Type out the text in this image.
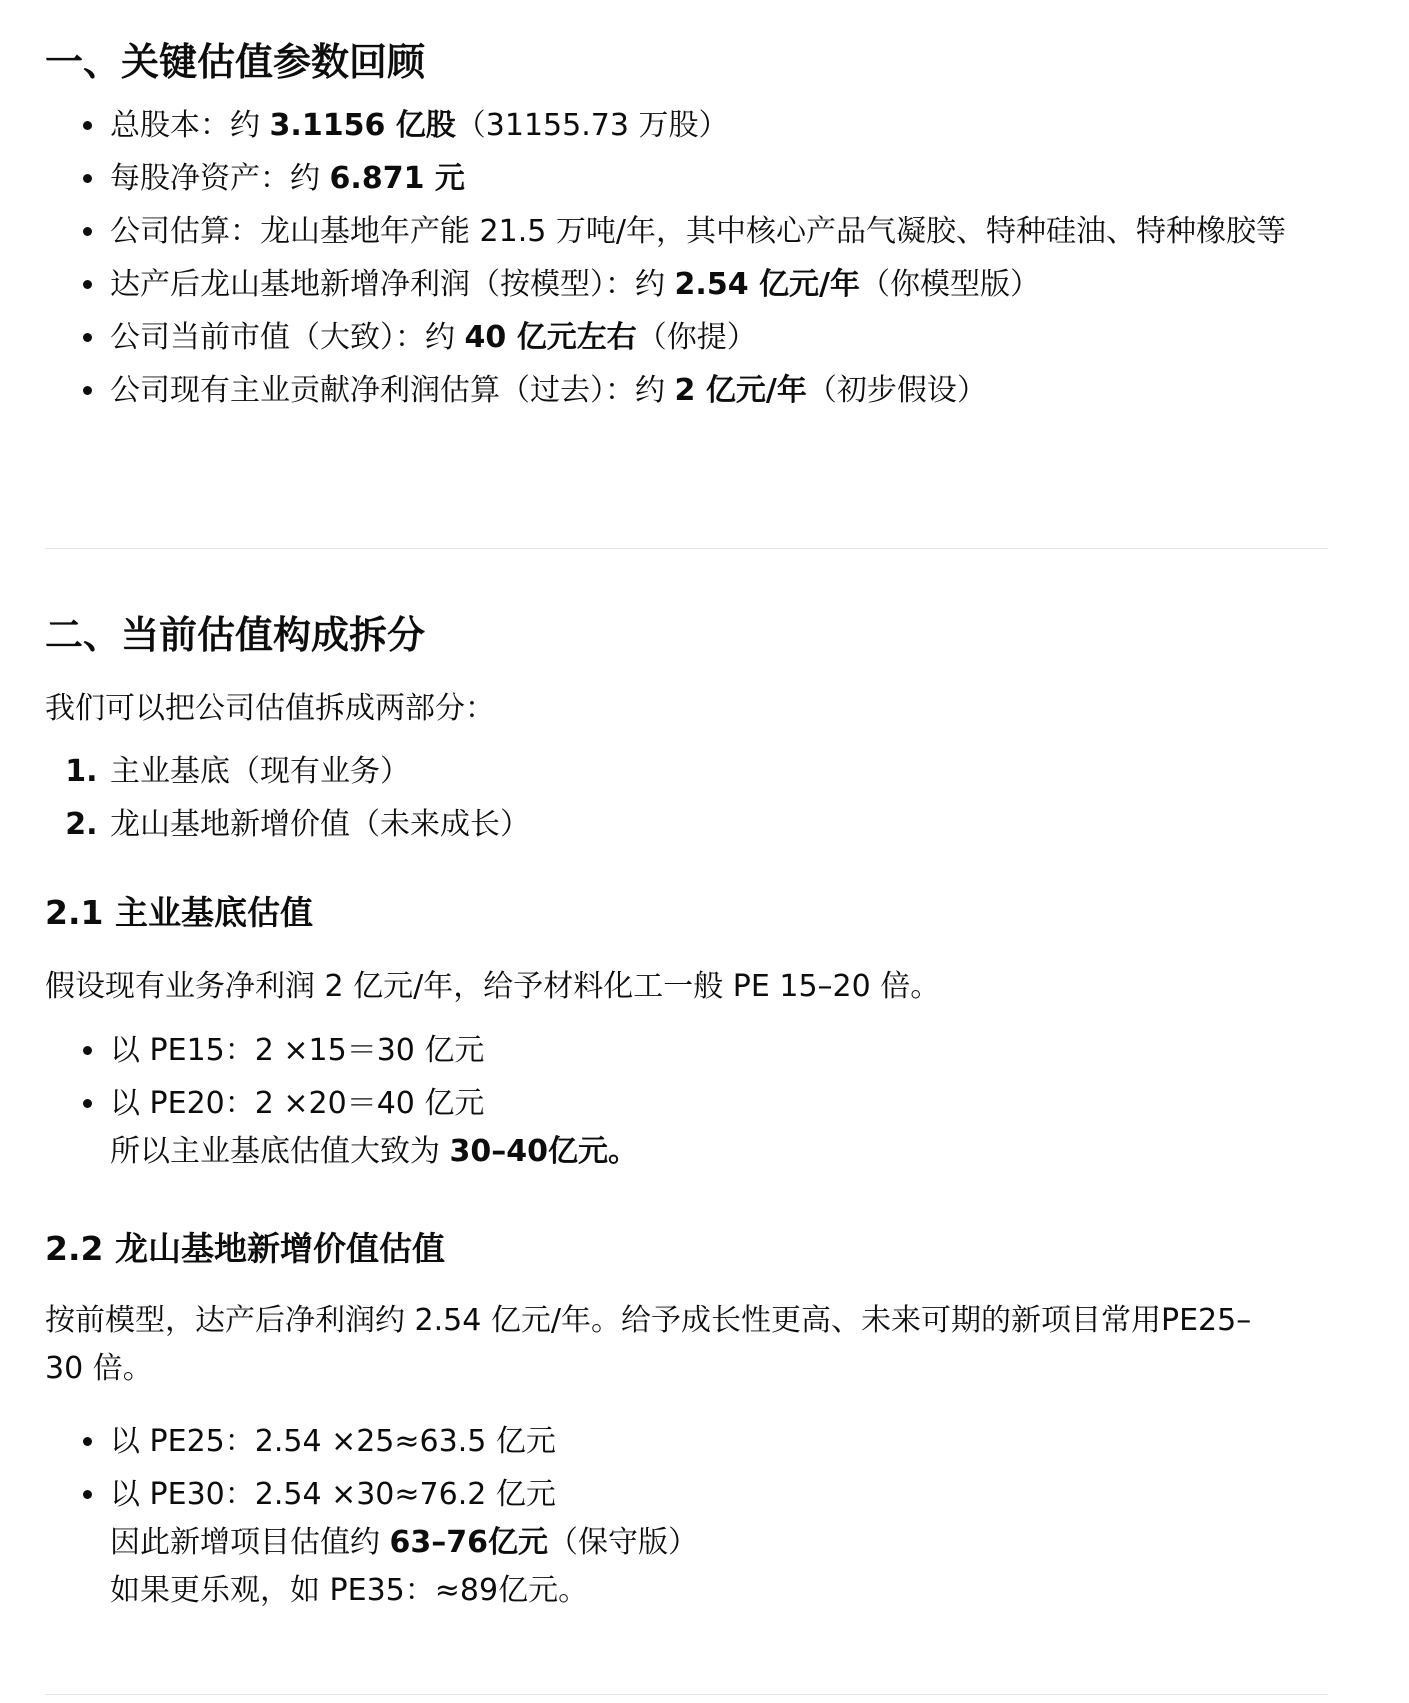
一、关键估值参数回顾
• 总股本：约 3.1156 亿股（31155.73 万股）
• 每股净资产：约 6.871 元
• 公司估算：龙山基地年产能 21.5 万吨/年，其中核心产品气凝胶、特种硅油、特种橡胶等
• 达产后龙山基地新增净利润（按模型）：约 2.54 亿元/年（你模型版）
• 公司当前市值（大致）：约 40 亿元左右（你提）
• 公司现有主业贡献净利润估算（过去）：约 2 亿元/年（初步假设）
二、当前估值构成拆分

我们可以把公司估值拆成两部分：

1. 主业基底（现有业务）
2. 龙山基地新增价值（未来成长）
2.1 主业基底估值

假设现有业务净利润 2 亿元/年，给予材料化工一般 PE 15–20 倍。

• 以 PE15：2 ×15＝30 亿元
• 以 PE20：2 ×20＝40 亿元
所以主业基底估值大致为 30–40亿元。
2.2 龙山基地新增价值估值

按前模型，达产后净利润约 2.54 亿元/年。给予成长性更高、未来可期的新项目常用PE25–30 倍。

• 以 PE25：2.54 ×25≈63.5 亿元
• 以 PE30：2.54 ×30≈76.2 亿元
因此新增项目估值约 63–76亿元（保守版）
如果更乐观，如 PE35：≈89亿元。
